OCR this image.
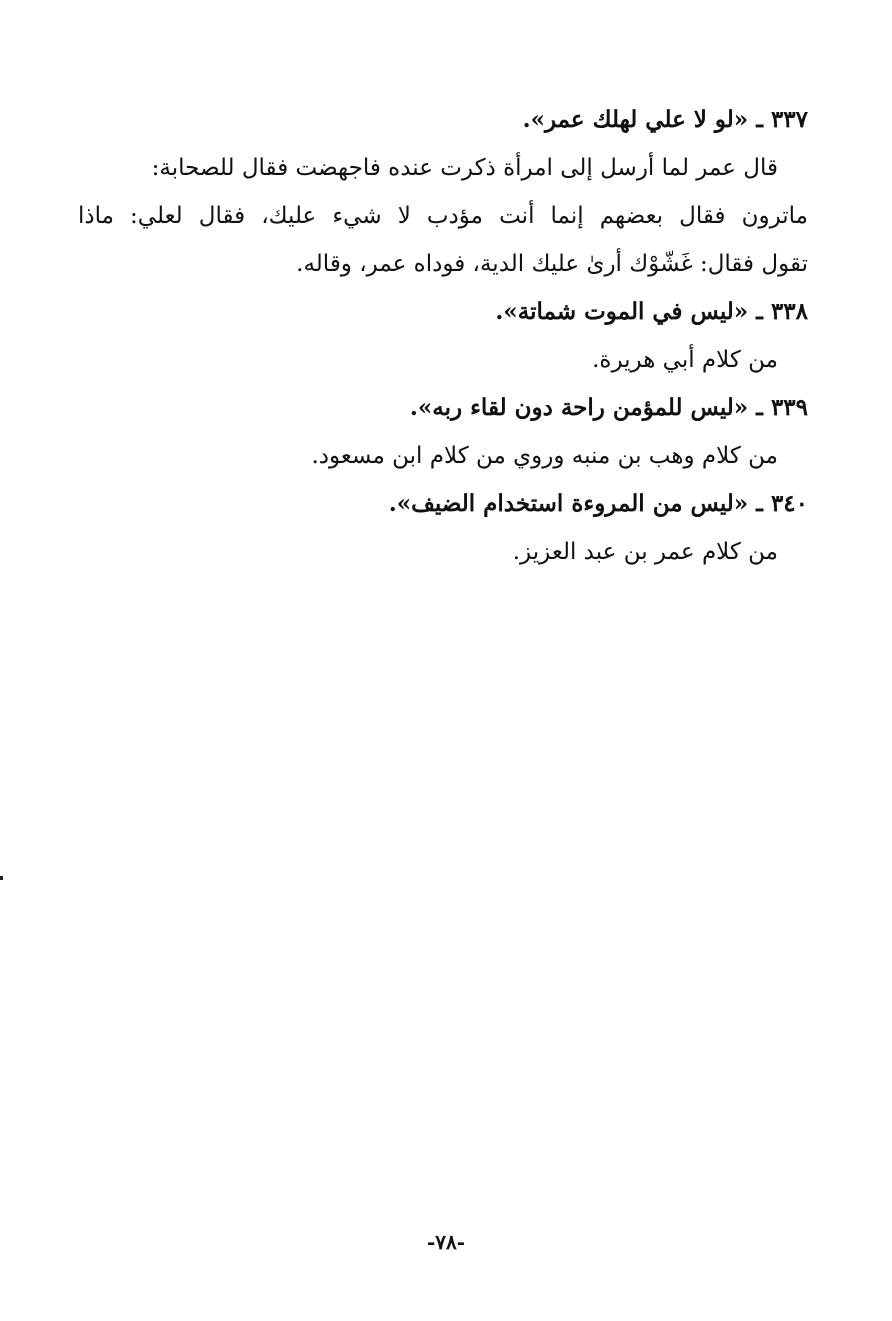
٣٣٧ ـ «لو لا علي لهلك عمر».
قال عمر لما أرسل إلى امرأة ذكرت عنده فاجهضت فقال للصحابة:
ماترون فقال بعضهم إنما أنت مؤدب لا شيء عليك، فقال لعلي: ماذا
تقول فقال: غَشّوْك أرىٰ عليك الدية، فوداه عمر، وقاله.
٣٣٨ ـ «ليس في الموت شماتة».
من كلام أبي هريرة.
٣٣٩ ـ «ليس للمؤمن راحة دون لقاء ربه».
من كلام وهب بن منبه وروي من كلام ابن مسعود.
٣٤٠ ـ «ليس من المروءة استخدام الضيف».
من كلام عمر بن عبد العزيز.
-٧٨-
